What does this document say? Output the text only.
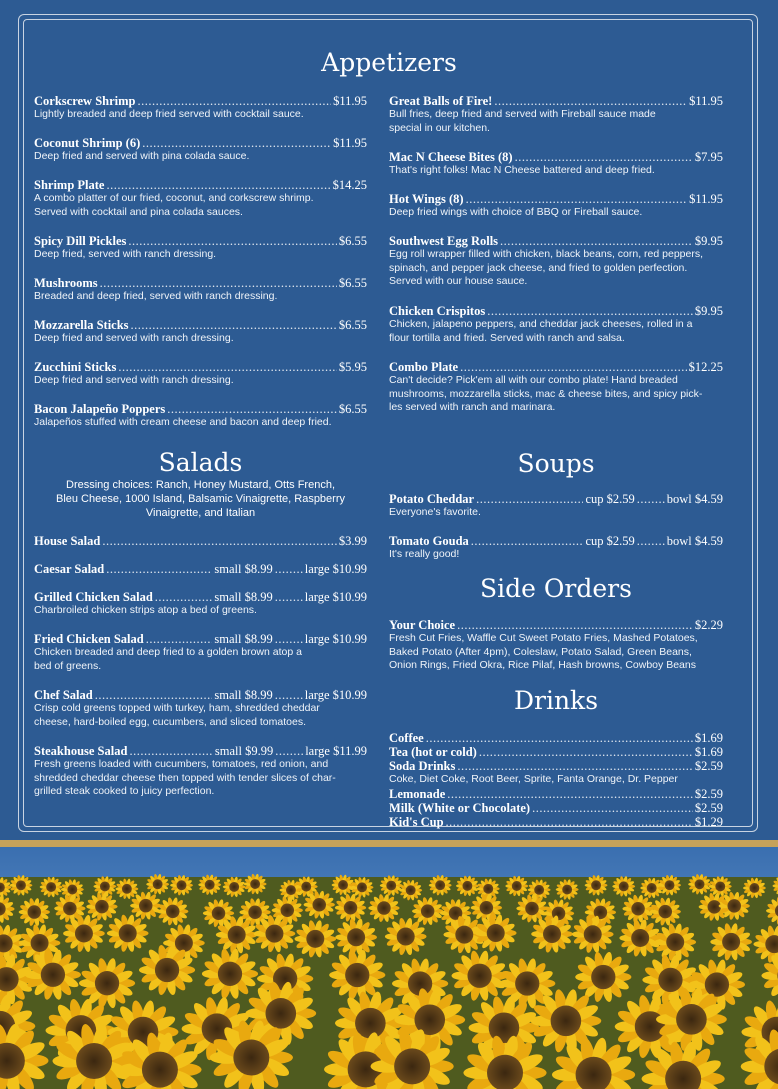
Appetizers
Corkscrew Shrimp .....	$11.95
Lightly breaded and deep fried served with cocktail sauce.
Coconut Shrimp (6) .....	$11.95
Deep fried and served with pina colada sauce.
Shrimp Plate .....	$14.25
A combo platter of our fried, coconut, and corkscrew shrimp.
Served with cocktail and pina colada sauces.
Spicy Dill Pickles .....	$6.55
Deep fried, served with ranch dressing.
Mushrooms .....	$6.55
Breaded and deep fried, served with ranch dressing.
Mozzarella Sticks .....	$6.55
Deep fried and served with ranch dressing.
Zucchini Sticks .....	$5.95
Deep fried and served with ranch dressing.
Bacon Jalapeño Poppers .....	$6.55
Jalapeños stuffed with cream cheese and bacon and deep fried.
Great Balls of Fire! .....	$11.95
Bull fries, deep fried and served with Fireball sauce made
special in our kitchen.
Mac N Cheese Bites (8) .....	$7.95
That's right folks! Mac N Cheese battered and deep fried.
Hot Wings (8) .....	$11.95
Deep fried wings with choice of BBQ or Fireball sauce.
Southwest Egg Rolls .....	$9.95
Egg roll wrapper filled with chicken, black beans, corn, red peppers,
spinach, and pepper jack cheese, and fried to golden perfection.
Served with our house sauce.
Chicken Crispitos .....	$9.95
Chicken, jalapeno peppers, and cheddar jack cheeses, rolled in a
flour tortilla and fried. Served with ranch and salsa.
Combo Plate .....	$12.25
Can't decide? Pick'em all with our combo plate! Hand breaded
mushrooms, mozzarella sticks, mac & cheese bites, and spicy pick-
les served with ranch and marinara.
Salads
Dressing choices: Ranch, Honey Mustard, Otts French,
Bleu Cheese, 1000 Island, Balsamic Vinaigrette, Raspberry
Vinaigrette, and Italian
House Salad .....	$3.99
Caesar Salad .....	small $8.99 .....	large $10.99
Grilled Chicken Salad .....	small $8.99 .....	large $10.99
Charbroiled chicken strips atop a bed of greens.
Fried Chicken Salad .....	small $8.99 .....	large $10.99
Chicken breaded and deep fried to a golden brown atop a
bed of greens.
Chef Salad .....	small $8.99 .....	large $10.99
Crisp cold greens topped with turkey, ham, shredded cheddar
cheese, hard-boiled egg, cucumbers, and sliced tomatoes.
Steakhouse Salad .....	small $9.99 .....	large $11.99
Fresh greens loaded with cucumbers, tomatoes, red onion, and
shredded cheddar cheese then topped with tender slices of char-
grilled steak cooked to juicy perfection.
Soups
Potato Cheddar .....	cup $2.59 .....	bowl $4.59
Everyone's favorite.
Tomato Gouda .....	cup $2.59 .....	bowl $4.59
It's really good!
Side Orders
Your Choice .....	$2.29
Fresh Cut Fries, Waffle Cut Sweet Potato Fries, Mashed Potatoes,
Baked Potato (After 4pm), Coleslaw, Potato Salad, Green Beans,
Onion Rings, Fried Okra, Rice Pilaf, Hash browns, Cowboy Beans
Drinks
Coffee .....	$1.69
Tea (hot or cold) .....	$1.69
Soda Drinks .....	$2.59
Coke, Diet Coke, Root Beer, Sprite, Fanta Orange, Dr. Pepper
Lemonade .....	$2.59
Milk (White or Chocolate) .....	$2.59
Kid's Cup .....	$1.29
